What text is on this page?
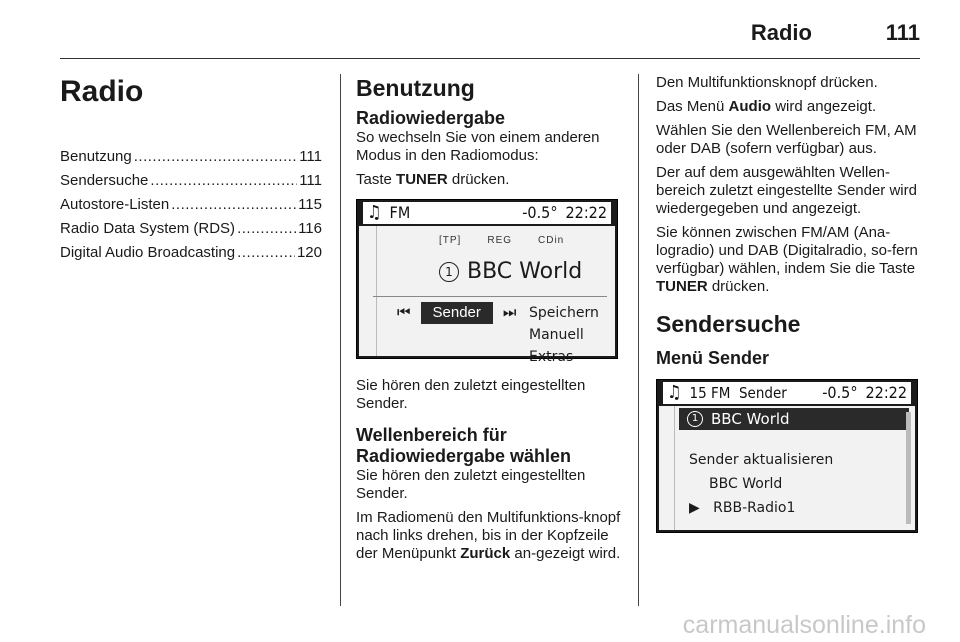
Radio	111
Radio
Benutzung .....	111
Sendersuche .....	111
Autostore-Listen .....	115
Radio Data System (RDS) .....	116
Digital Audio Broadcasting .....	120
Benutzung
Radiowiedergabe

So wechseln Sie von einem anderen Modus in den Radiomodus:

Taste TUNER drücken.

♫ FM	-0.5° 22:22
[TP]	REG	CDin
1 BBC World
⏮	Sender	⏭ Speichern
Manuell
Extras

Sie hören den zuletzt eingestellten Sender.

Wellenbereich für Radiowiedergabe wählen

Sie hören den zuletzt eingestellten Sender.

Im Radiomenü den Multifunktions-knopf nach links drehen, bis in der Kopfzeile der Menüpunkt Zurück an-gezeigt wird.

Den Multifunktionsknopf drücken.

Das Menü Audio wird angezeigt.

Wählen Sie den Wellenbereich FM, AM oder DAB (sofern verfügbar) aus.

Der auf dem ausgewählten Wellen-bereich zuletzt eingestellte Sender wird wiedergegeben und angezeigt.

Sie können zwischen FM/AM (Ana-logradio) und DAB (Digitalradio, so-fern verfügbar) wählen, indem Sie die Taste TUNER drücken.

Sendersuche
Menü Sender
♫ 15 FM  Sender -0.5° 22:22
1 BBC World
Sender aktualisieren
BBC World
▶ RBB-Radio1
carmanualsonline.info
